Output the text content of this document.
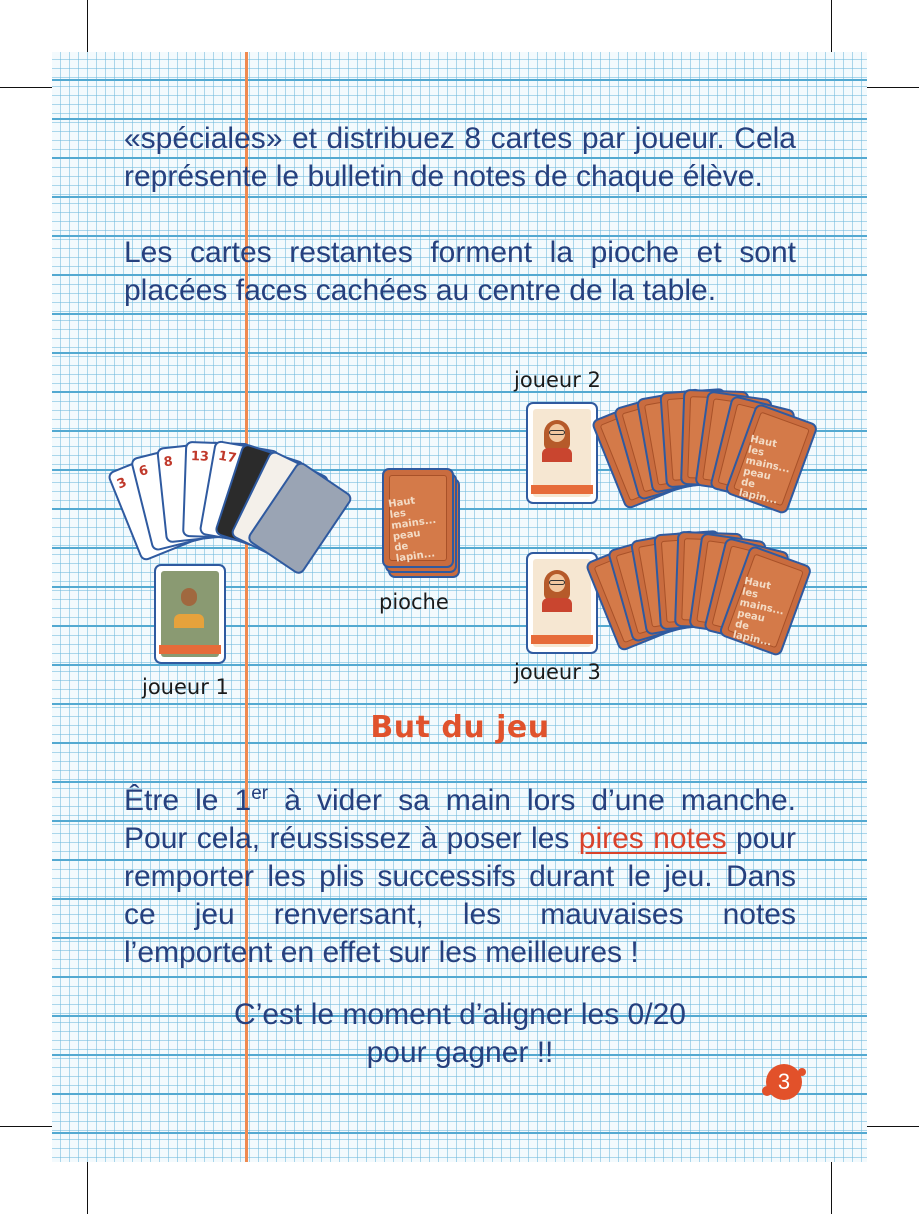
«spéciales» et distribuez 8 cartes par joueur. Cela représente le bulletin de notes de chaque élève.
Les cartes restantes forment la pioche et sont placées faces cachées au centre de la table.
joueur 2
3
6
8 13 17
joueur 1
Haut les mains... peau de lapin...
pioche
Haut les mains... peau de lapin...
Haut les mains... peau de lapin...
joueur 3
But du jeu
Être le 1er à vider sa main lors d’une manche. Pour cela, réussissez à poser les pires notes pour remporter les plis successifs durant le jeu. Dans ce jeu renversant, les mauvaises notes l’emportent en effet sur les meilleures !
C’est le moment d’aligner les 0/20
pour gagner !!
3
